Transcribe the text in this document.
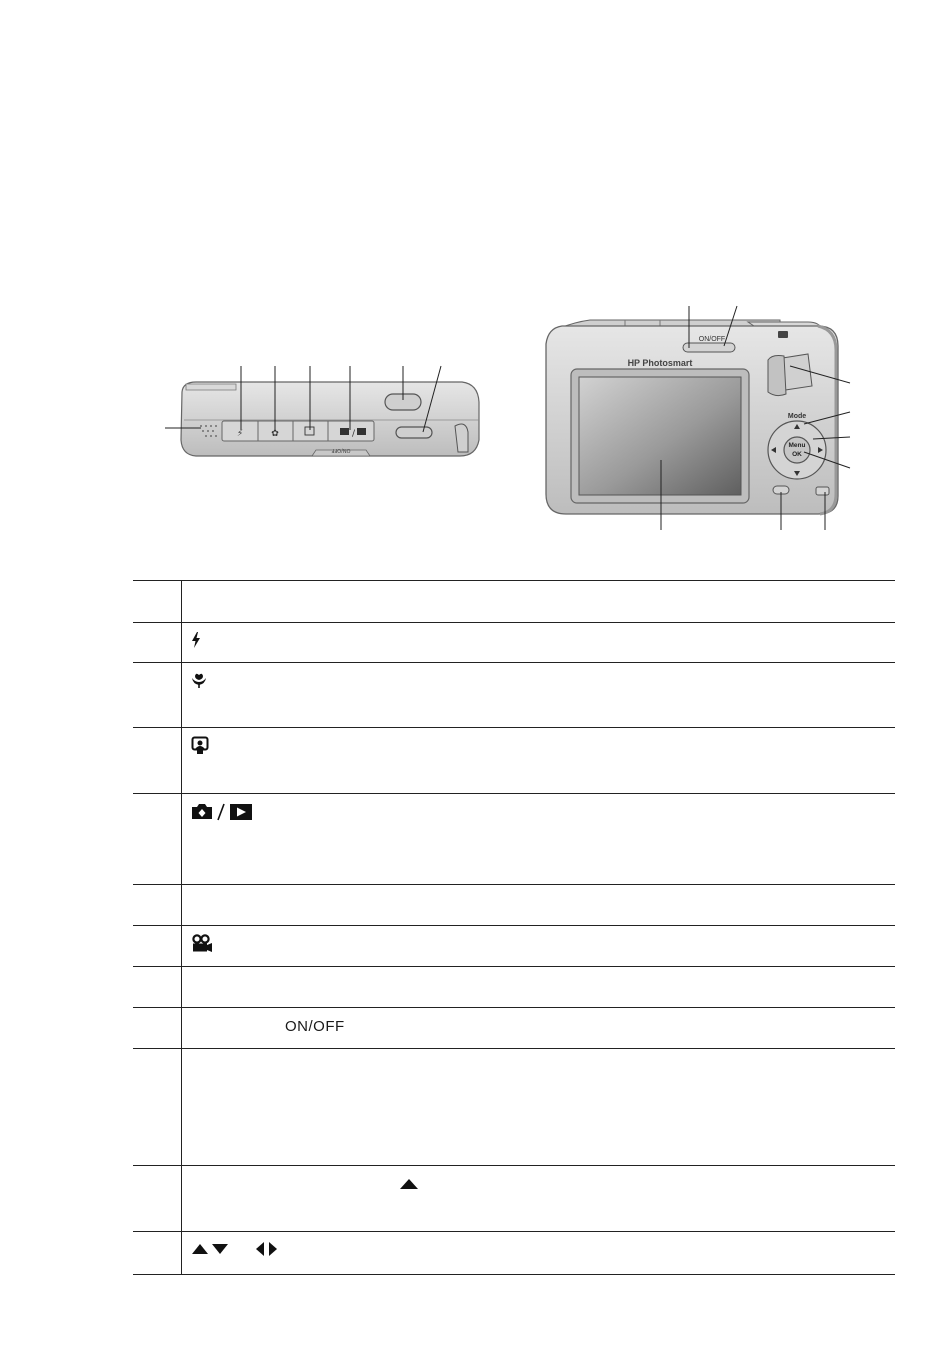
⚡	✿	/
ON/OFF
ON/OFF
HP Photosmart
Mode
Menu
OK
ON/OFF
